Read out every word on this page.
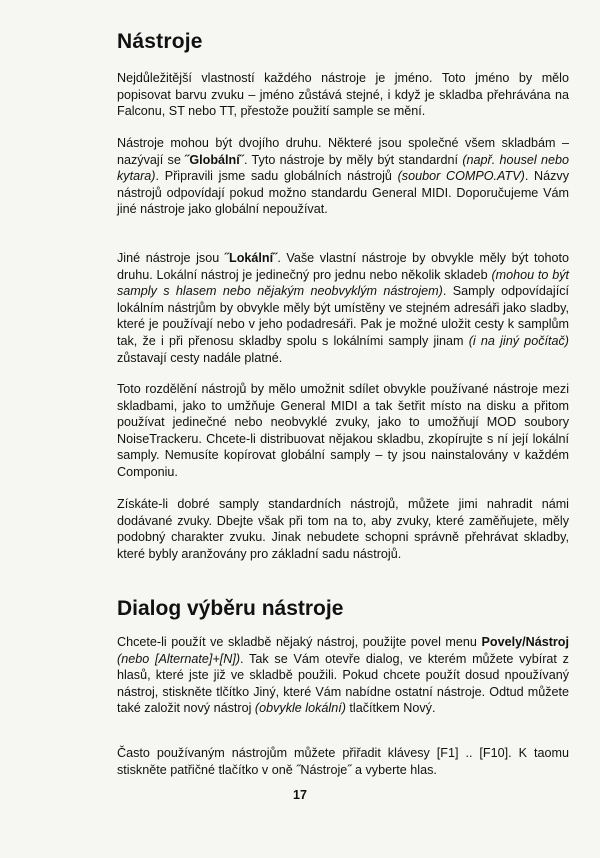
Nástroje

Nejdůležitější vlastností každého nástroje je jméno. Toto jméno by mělo popisovat barvu zvuku – jméno zůstává stejné, i když je skladba přehrávána na Falconu, ST nebo TT, přestože použití sample se mění.

Nástroje mohou být dvojího druhu. Některé jsou společné všem skladbám – nazývají se ˝Globální˝. Tyto nástroje by měly být standardní (např. housel nebo kytara). Připravili jsme sadu globálních nástrojů (soubor COMPO.ATV). Názvy nástrojů odpovídají pokud možno standardu General MIDI. Doporučujeme Vám jiné nástroje jako globální nepoužívat.

Jiné nástroje jsou ˝Lokální˝. Vaše vlastní nástroje by obvykle měly být tohoto druhu. Lokální nástroj je jedinečný pro jednu nebo několik skladeb (mohou to být samply s hlasem nebo nějakým neobvyklým nástrojem). Samply odpovídající lokálním nástrjům by obvykle měly být umístěny ve stejném adresáři jako sladby, které je používají nebo v jeho podadresáři. Pak je možné uložit cesty k samplům tak, že i při přenosu skladby spolu s lokálními samply jinam (i na jiný počítač) zůstavají cesty nadále platné.

Toto rozdělění nástrojů by mělo umožnit sdílet obvykle používané nástroje mezi skladbami, jako to umžňuje General MIDI a tak šetřit místo na disku a přitom používat jedinečné nebo neobvyklé zvuky, jako to umožňují MOD soubory NoiseTrackeru. Chcete-li distribuovat nějakou skladbu, zkopírujte s ní její lokální samply. Nemusíte kopírovat globální samply – ty jsou nainstalovány v každém Componiu.

Získáte-li dobré samply standardních nástrojů, můžete jimi nahradit námi dodávané zvuky. Dbejte však při tom na to, aby zvuky, které zaměňujete, měly podobný charakter zvuku. Jinak nebudete schopni správně přehrávat skladby, které bybly aranžovány pro základní sadu nástrojů.

Dialog výběru nástroje

Chcete-li použít ve skladbě nějaký nástroj, použijte povel menu Povely/Nástroj (nebo [Alternate]+[N]). Tak se Vám otevře dialog, ve kterém můžete vybírat z hlasů, které jste již ve skladbě použili. Pokud chcete použít dosud npoužívaný nástroj, stiskněte tlčítko Jiný, které Vám nabídne ostatní nástroje. Odtud můžete také založit nový nástroj (obvykle lokální) tlačítkem Nový.

Často používaným nástrojům můžete přiřadit klávesy [F1] .. [F10]. K taomu stiskněte patřičné tlačítko v oně ˝Nástroje˝ a vyberte hlas.

17
